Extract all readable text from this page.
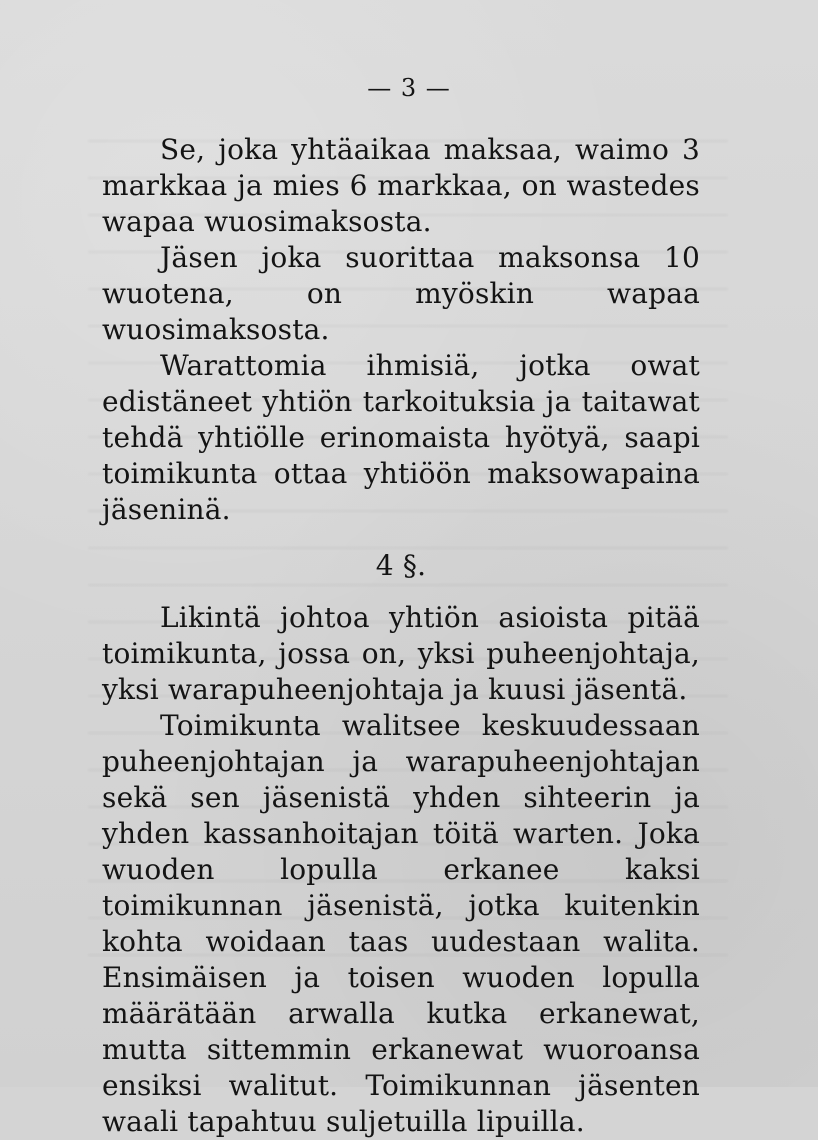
— 3 —

Se, joka yhtäaikaa maksaa, waimo 3 markkaa ja mies 6 markkaa, on wastedes wapaa wuosimaksosta.

Jäsen joka suorittaa maksonsa 10 wuotena, on myöskin wapaa wuosimaksosta.

Warattomia ihmisiä, jotka owat edistäneet yhtiön tarkoituksia ja taitawat tehdä yhtiölle erinomaista hyötyä, saapi toimikunta ottaa yhtiöön maksowapaina jäseninä.

4 §.

Likintä johtoa yhtiön asioista pitää toimikunta, jossa on, yksi puheenjohtaja, yksi warapuheenjohtaja ja kuusi jäsentä.

Toimikunta walitsee keskuudessaan puheenjohtajan ja warapuheenjohtajan sekä sen jäsenistä yhden sihteerin ja yhden kassanhoitajan töitä warten. Joka wuoden lopulla erkanee kaksi toimikunnan jäsenistä, jotka kuitenkin kohta woidaan taas uudestaan walita. Ensimäisen ja toisen wuoden lopulla määrätään arwalla kutka erkanewat, mutta sittemmin erkanewat wuoroansa ensiksi walitut. Toimikunnan jäsenten waali tapahtuu suljetuilla lipuilla.
